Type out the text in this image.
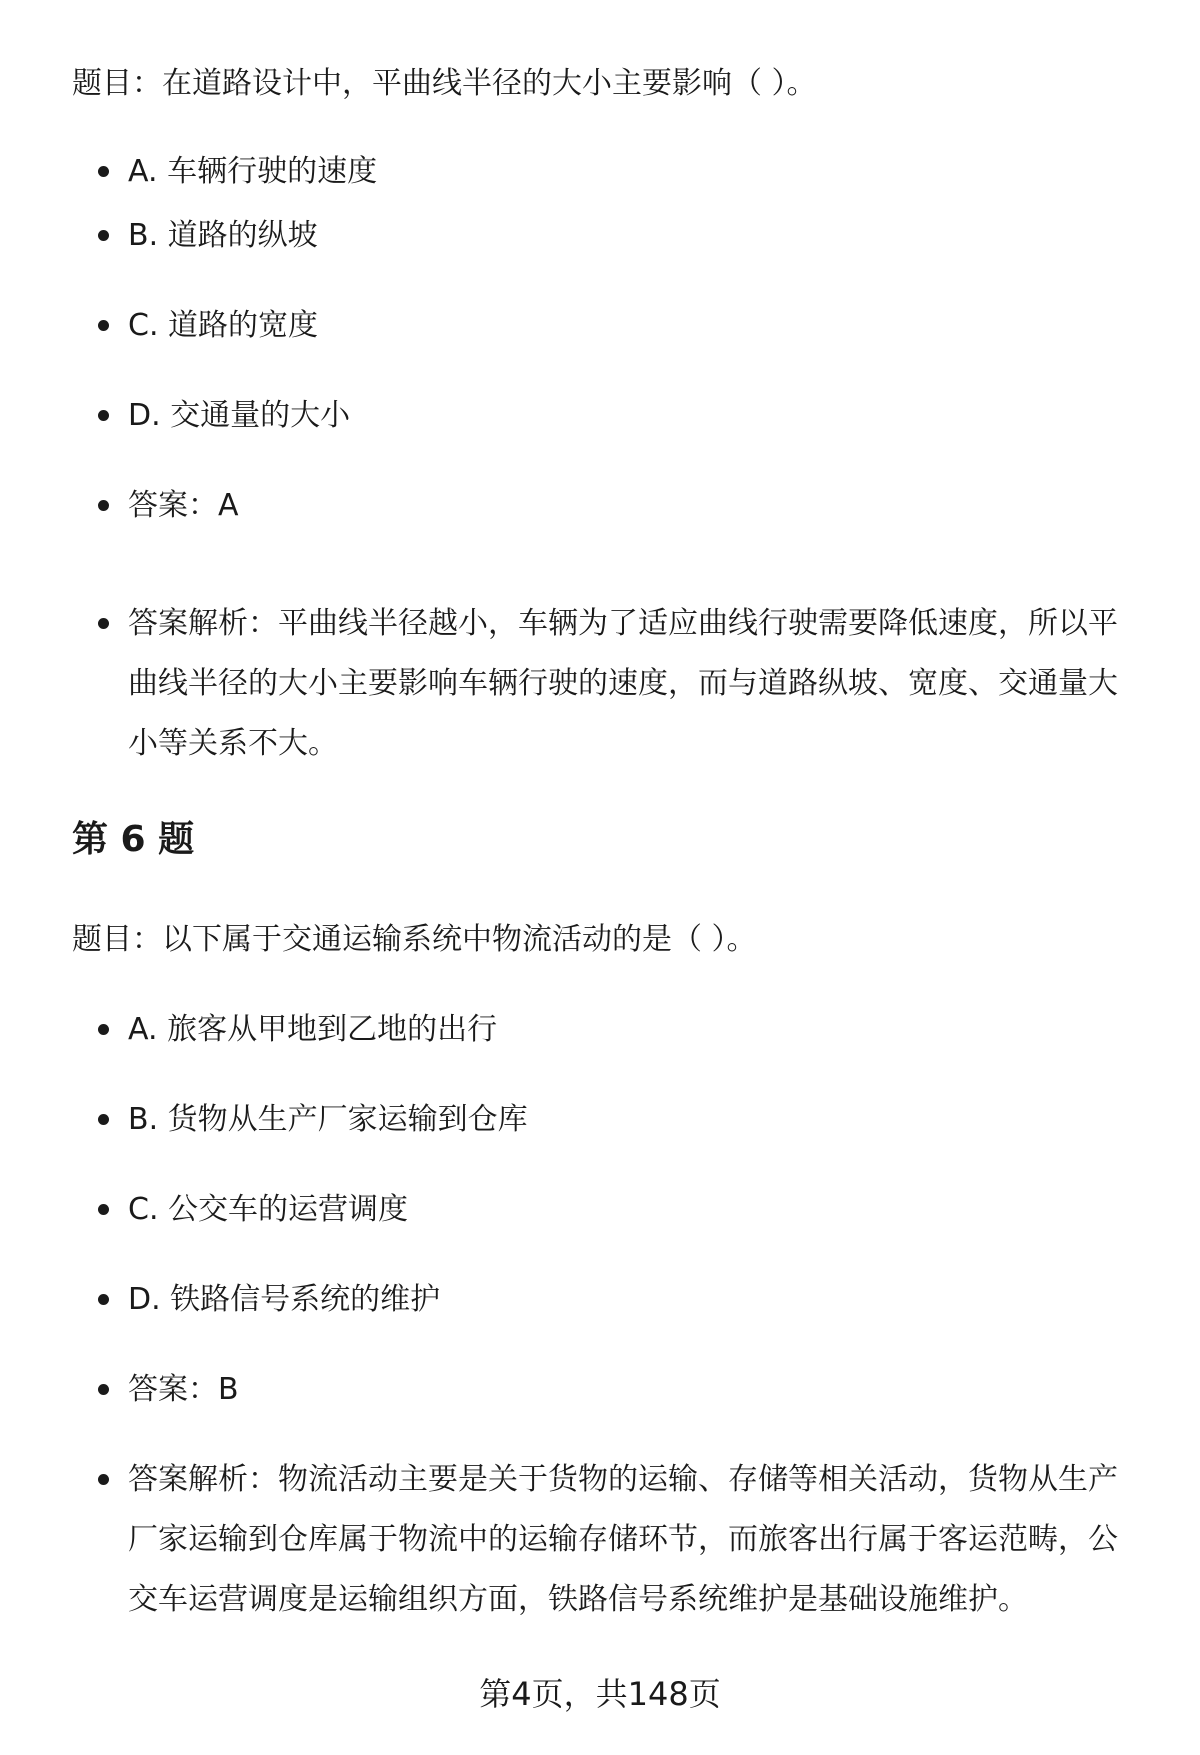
题目：在道路设计中，平曲线半径的大小主要影响（ ）。
A. 车辆行驶的速度
B. 道路的纵坡
C. 道路的宽度
D. 交通量的大小
答案：A
答案解析：平曲线半径越小，车辆为了适应曲线行驶需要降低速度，所以平曲线半径的大小主要影响车辆行驶的速度，而与道路纵坡、宽度、交通量大小等关系不大。
第 6 题
题目：以下属于交通运输系统中物流活动的是（ ）。
A. 旅客从甲地到乙地的出行
B. 货物从生产厂家运输到仓库
C. 公交车的运营调度
D. 铁路信号系统的维护
答案：B
答案解析：物流活动主要是关于货物的运输、存储等相关活动，货物从生产厂家运输到仓库属于物流中的运输存储环节，而旅客出行属于客运范畴，公交车运营调度是运输组织方面，铁路信号系统维护是基础设施维护。
第4页，共148页
